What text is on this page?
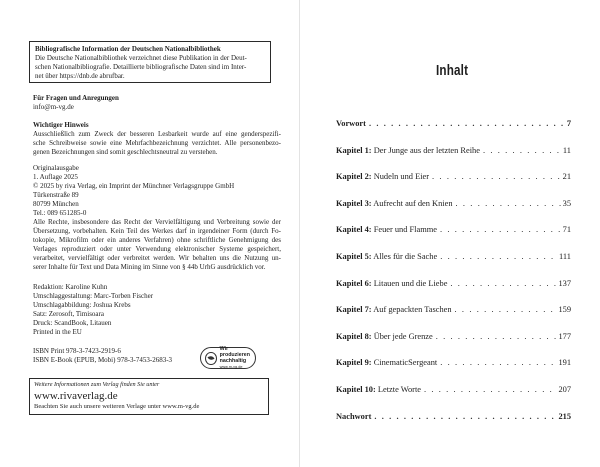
Bibliografische Information der Deutschen Nationalbibliothek
Die Deutsche Nationalbibliothek verzeichnet diese Publikation in der Deut-
schen Nationalbibliografie. Detaillierte bibliografische Daten sind im Inter-
net über https://dnb.de abrufbar.
Für Fragen und Anregungen
info@m-vg.de
Wichtiger Hinweis
Ausschließlich zum Zweck der besseren Lesbarkeit wurde auf eine genderspezifi-
sche Schreibweise sowie eine Mehrfachbezeichnung verzichtet. Alle personenbezo-
genen Bezeichnungen sind somit geschlechtsneutral zu verstehen.
Originalausgabe
1. Auflage 2025
© 2025 by riva Verlag, ein Imprint der Münchner Verlagsgruppe GmbH
Türkenstraße 89
80799 München
Tel.: 089 651285-0
Alle Rechte, insbesondere das Recht der Vervielfältigung und Verbreitung sowie der
Übersetzung, vorbehalten. Kein Teil des Werkes darf in irgendeiner Form (durch Fo-
tokopie, Mikrofilm oder ein anderes Verfahren) ohne schriftliche Genehmigung des
Verlages reproduziert oder unter Verwendung elektronischer Systeme gespeichert,
verarbeitet, vervielfältigt oder verbreitet werden. Wir behalten uns die Nutzung un-
serer Inhalte für Text und Data Mining im Sinne von § 44b UrhG ausdrücklich vor.
Redaktion: Karoline Kuhn
Umschlaggestaltung: Marc-Torben Fischer
Umschlagabbildung: Joshua Krebs
Satz: Zerosoft, Timisoara
Druck: ScandBook, Litauen
Printed in the EU
ISBN Print 978-3-7423-2919-6
ISBN E-Book (EPUB, Mobi) 978-3-7453-2683-3
Wir produzieren
nachhaltig
www.m-vg.de
Weitere Informationen zum Verlag finden Sie unter
www.rivaverlag.de
Beachten Sie auch unsere weiteren Verlage unter www.m-vg.de
Inhalt
Vorwort . . .	7
Kapitel 1: Der Junge aus der letzten Reihe . . .	11
Kapitel 2: Nudeln und Eier . . .	21
Kapitel 3: Aufrecht auf den Knien . . .	35
Kapitel 4: Feuer und Flamme . . .	71
Kapitel 5: Alles für die Sache . . .	111
Kapitel 6: Litauen und die Liebe . . .	137
Kapitel 7: Auf gepackten Taschen . . .	159
Kapitel 8: Über jede Grenze . . .	177
Kapitel 9: CinematicSergeant . . .	191
Kapitel 10: Letzte Worte . . .	207
Nachwort . . .	215
